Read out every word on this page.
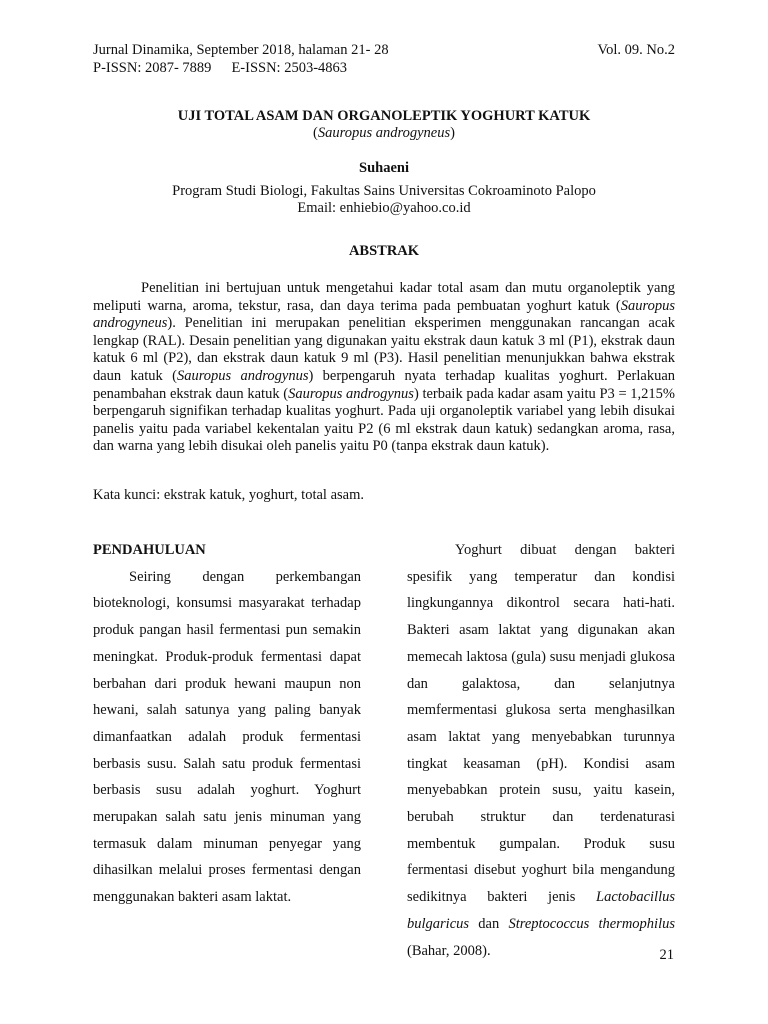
Jurnal Dinamika, September 2018, halaman 21- 28	Vol. 09. No.2
P-ISSN: 2087- 7889 E-ISSN: 2503-4863
UJI TOTAL ASAM DAN ORGANOLEPTIK YOGHURT KATUK
(Sauropus androgyneus)
Suhaeni
Program Studi Biologi, Fakultas Sains Universitas Cokroaminoto Palopo
Email: enhiebio@yahoo.co.id
ABSTRAK

Penelitian ini bertujuan untuk mengetahui kadar total asam dan mutu organoleptik yang meliputi warna, aroma, tekstur, rasa, dan daya terima pada pembuatan yoghurt katuk (Sauropus androgyneus). Penelitian ini merupakan penelitian eksperimen menggunakan rancangan acak lengkap (RAL). Desain penelitian yang digunakan yaitu ekstrak daun katuk 3 ml (P1), ekstrak daun katuk 6 ml (P2), dan ekstrak daun katuk 9 ml (P3). Hasil penelitian menunjukkan bahwa ekstrak daun katuk (Sauropus androgynus) berpengaruh nyata terhadap kualitas yoghurt. Perlakuan penambahan ekstrak daun katuk (Sauropus androgynus) terbaik pada kadar asam yaitu P3 = 1,215% berpengaruh signifikan terhadap kualitas yoghurt. Pada uji organoleptik variabel yang lebih disukai panelis yaitu pada variabel kekentalan yaitu P2 (6 ml ekstrak daun katuk) sedangkan aroma, rasa, dan warna yang lebih disukai oleh panelis yaitu P0 (tanpa ekstrak daun katuk).

Kata kunci: ekstrak katuk, yoghurt, total asam.

PENDAHULUAN

Seiring dengan perkembangan bioteknologi, konsumsi masyarakat terhadap produk pangan hasil fermentasi pun semakin meningkat. Produk-produk fermentasi dapat berbahan dari produk hewani maupun non hewani, salah satunya yang paling banyak dimanfaatkan adalah produk fermentasi berbasis susu. Salah satu produk fermentasi berbasis susu adalah yoghurt. Yoghurt merupakan salah satu jenis minuman yang termasuk dalam minuman penyegar yang dihasilkan melalui proses fermentasi dengan menggunakan bakteri asam laktat.

Yoghurt dibuat dengan bakteri spesifik yang temperatur dan kondisi lingkungannya dikontrol secara hati-hati. Bakteri asam laktat yang digunakan akan memecah laktosa (gula) susu menjadi glukosa dan galaktosa, dan selanjutnya memfermentasi glukosa serta menghasilkan asam laktat yang menyebabkan turunnya tingkat keasaman (pH). Kondisi asam menyebabkan protein susu, yaitu kasein, berubah struktur dan terdenaturasi membentuk gumpalan. Produk susu fermentasi disebut yoghurt bila mengandung sedikitnya bakteri jenis Lactobacillus bulgaricus dan Streptococcus thermophilus (Bahar, 2008).	21
